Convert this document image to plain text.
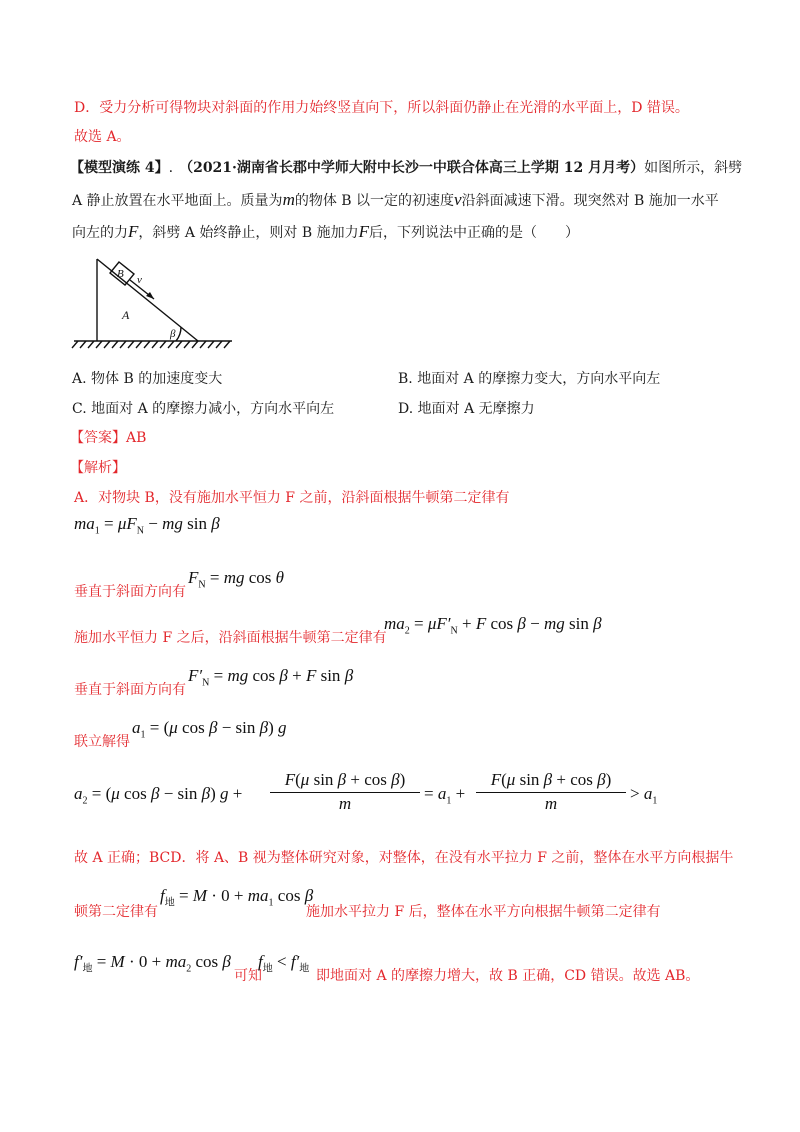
D．受力分析可得物块对斜面的作用力始终竖直向下，所以斜面仍静止在光滑的水平面上，D 错误。
故选 A。
【模型演练 4】. （2021·湖南省长郡中学师大附中长沙一中联合体高三上学期 12 月月考）如图所示，斜劈
A 静止放置在水平地面上。质量为m的物体 B 以一定的初速度v沿斜面减速下滑。现突然对 B 施加一水平
向左的力F，斜劈 A 始终静止，则对 B 施加力F后，下列说法中正确的是（　　）
B v
A
β
A. 物体 B 的加速度变大	B. 地面对 A 的摩擦力变大，方向水平向左
C. 地面对 A 的摩擦力减小，方向水平向左	D. 地面对 A 无摩擦力
【答案】AB
【解析】
A．对物块 B，没有施加水平恒力 F 之前，沿斜面根据牛顿第二定律有
$ma_1 = \mu F_N$ − mg sin β
垂直于斜面方向有
$F_N$ = mg cos θ
施加水平恒力 F 之后，沿斜面根据牛顿第二定律有
$ma_2 = \mu F'_N + F$ cos β − mg sin β
垂直于斜面方向有
$F'_N$ = mg cos β + F sin β
联立解得
$a_1 = (\mu$ cos β − sin β) g
$a_2 = (\mu$ cos β − sin β) g +
F(μ sin β + cos β)
m
= $a_1$ +
F(μ sin β + cos β)
m
> $a_1$
故 A 正确；BCD．将 A、B 视为整体研究对象，对整体，在没有水平拉力 F 之前，整体在水平方向根据牛
顿第二定律有
$f_地 = M \cdot 0 + ma_1$ cos β
施加水平拉力 F 后，整体在水平方向根据牛顿第二定律有
$f'_地 = M \cdot 0 + ma_2$ cos β
可知
$f_地 < f'_地$ 即地面对 A 的摩擦力增大，故 B 正确，CD 错误。故选 AB。
